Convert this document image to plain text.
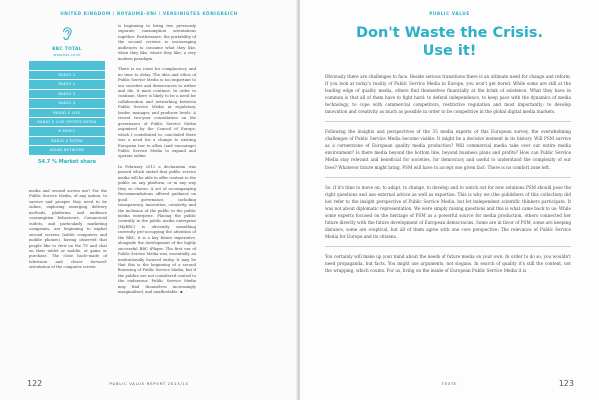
UNITED KINGDOM / ROYAUME-UNI / VEREINIGTES KÖNIGREICH
BBC TOTAL
www.bbc.co.uk
RADIO 1
RADIO 2
RADIO 3
RADIO 4
RADIO 5 LIVE
RADIO 5 LIVE SPORTS EXTRA
6 MUSIC
RADIO 4 EXTRA
ASIAN NETWORK
54.7 % Market share

media and second screen use? For the Public Service Media, of any nation, to survive and prosper they need to be online; exploring emerging delivery methods, platforms, and audience consumption behaviours. Commercial outlets, and particularly marketing companies, are beginning to exploit second screens (tablet computers and mobile phones), having observed that people like to view on the TV and chat on their tablet or mobile, or game or purchase. The close bacle-made of television and closer forward- orientation of the computer screen.

is beginning to bring two previously separate consumption orientations together. Furthermore, the portability of the second screens is encouraging audiences to consume what they like, when they like, where they like; a very modern paradigm.

There is no room for complacency and no time to delay. The idea and ethos of Public Service Media is too important to our societies and democracies to wither and die, it must continue. In order to continue, there is likely to be a need for collaboration and networking between Public Service Media at regulatory, leader, manager, and producer levels. A recent two-year consultation on the governance of Public Service Media organised by the Council of Europe, which I contributed to, concluded there was a need for a change to existing European law to allow (and encourage) Public Service Media to expand and operate online.

In February 2012 a declaration was passed which stated that public service media will be able to offer content to the public on any platform, or in any way they so choose. A set of accompanying Recommendations offered guidance on good governance, including transparency, innovation, creativity, and the inclusion of the public in the public media enterprise. Placing the public centrally in the public media enterprise (MyBBC) is obviously something currently pre-occupying the attention of the BBC, it is a key future imperative, alongside the development of the highly successful BBC iPlayer. The first era of Public Service Media was, essentially, an institutionally focused entity. It may be that this is the beginning of a second flowering of Public Service Media, but if the publics are not considered central to the endeavour, Public Service Media may find themselves increasingly marginalised, and unaffordable. ▪

122	PUBLIC VALUE REPORT 2013/14
PUBLIC VALUE
Don't Waste the Crisis.
Use it!

Obviously there are challenges to face. Beside serious transitions there is an ultimate need for change and reform. If you look at today's reality of Public Service Media in Europe, you won't get bored. While some are still at the leading edge of quality media, others find themselves financially at the brink of existence. What they have in common is that all of them have to fight hard: to defend independence, to keep pace with the dynamics of media technology, to cope with commercial competitors, restrictive regulation and most importantly: to develop innovation and creativity as much as possible in order to be competitive in the global digital media markets.

Following the insights and perspectives of the 35 media experts of this European survey, the overwhelming challenges of Public Service Media become visible: It might be a decisive moment in its history. Will PSM survive as a cornerstone of European quality media production? Will commercial media take over our entire media environment? Is there media beyond the bottom line, beyond business plans and profits? How can Public Service Media stay relevant and beneficial for societies, for democracy and useful to understand the complexity of our lives? Whatever future might bring, PSM will have to accept one given fact: There is no comfort zone left.

So, if it's time to move on, to adapt, to change, to develop and to watch out for new solutions PSM should pose the right questions and use external advice as well as expertise. This is why we (the publishers of this collection) did not refer to the insight perspective of Public Service Media, but let independent scientific thinkers participate. It was not about diplomatic representation. We were simply raising questions and this is what came back to us: While some experts focused on the heritage of PSM as a powerful source for media production, others connected her future directly with the future development of European democracies. Some are in favor of PSM, some are keeping distance, some are sceptical, but all of them agree with one core perspective: The relevance of Public Service Media for Europe and its citizens.

You certainly will make up your mind about the needs of future media on your own. In order to do so, you wouldn't need propaganda, but facts. You might use arguments, not slogans. In search of quality it's still the content, not the wrapping, which counts. For us, living on the inside of European Public Service Media it is

TEXTE	123
